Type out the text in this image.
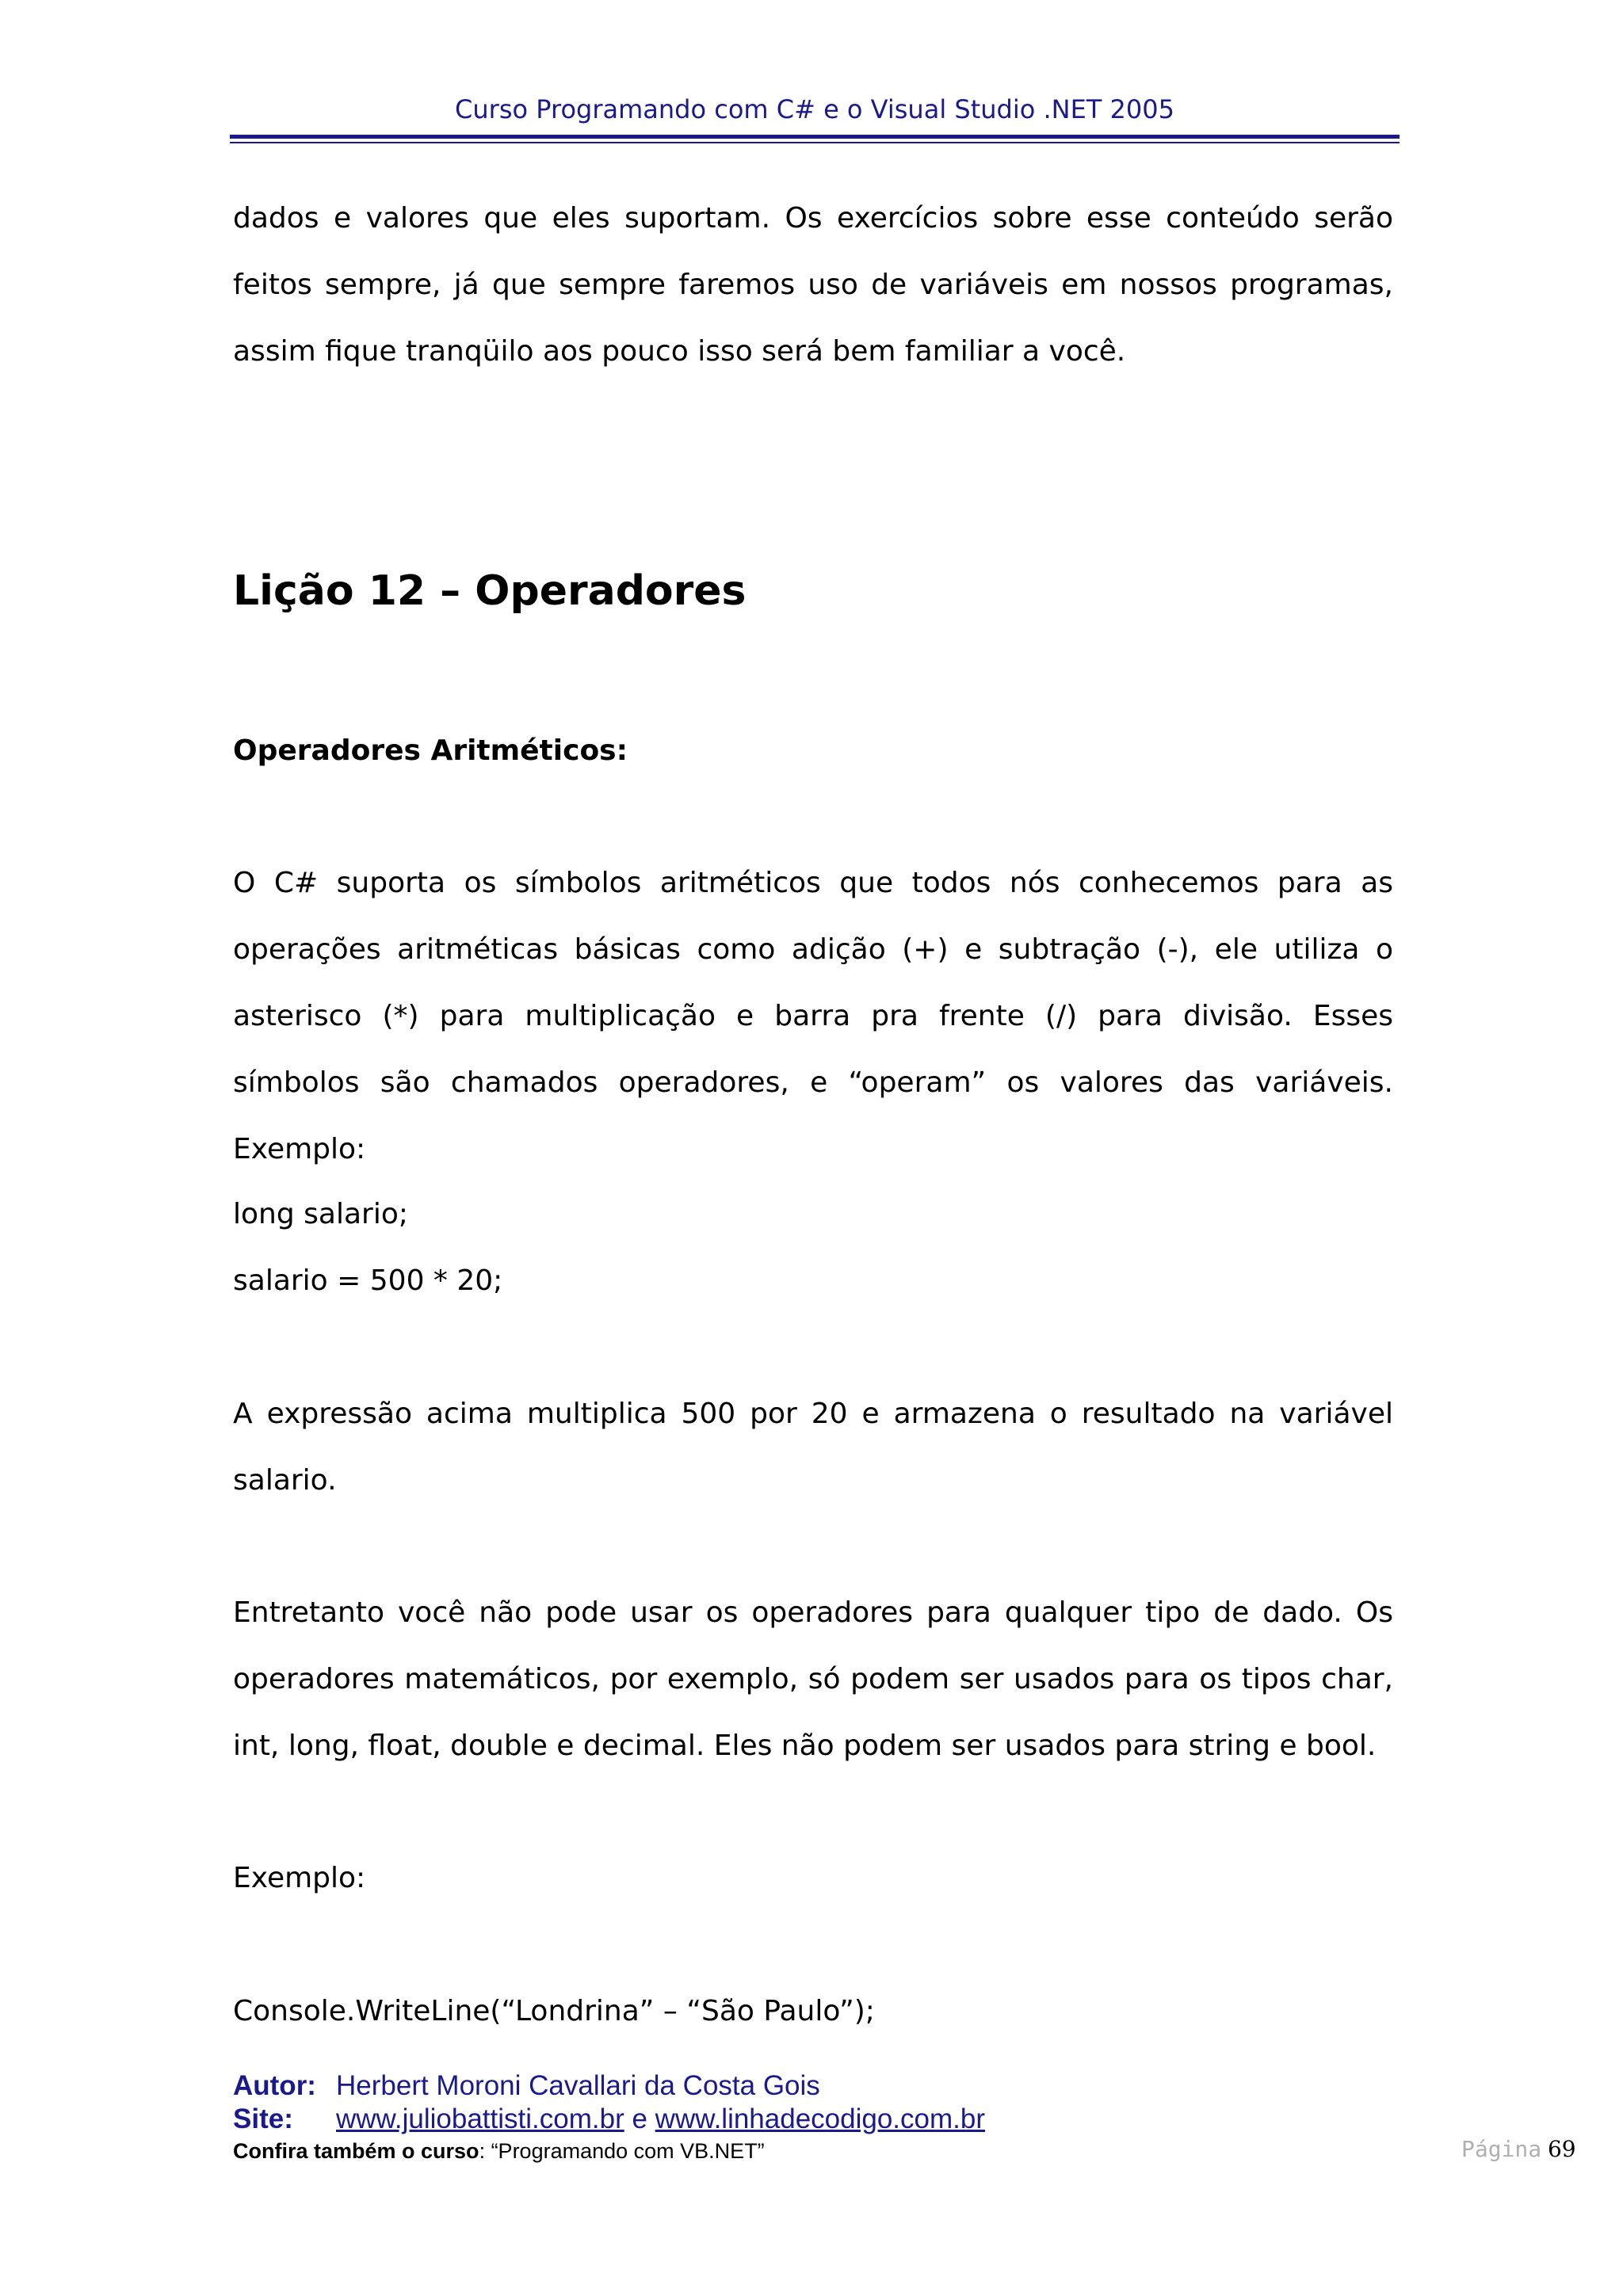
Curso Programando com C# e o Visual Studio .NET 2005

dados e valores que eles suportam. Os exercícios sobre esse conteúdo serão feitos sempre, já que sempre faremos uso de variáveis em nossos programas, assim fique tranqüilo aos pouco isso será bem familiar a você.

Lição 12 – Operadores
Operadores Aritméticos:

O C# suporta os símbolos aritméticos que todos nós conhecemos para as operações aritméticas básicas como adição (+) e subtração (-), ele utiliza o asterisco (*) para multiplicação e barra pra frente (/) para divisão. Esses símbolos são chamados operadores, e “operam” os valores das variáveis. Exemplo:

long salario;

salario = 500 * 20;

A expressão acima multiplica 500 por 20 e armazena o resultado na variável salario.

Entretanto você não pode usar os operadores para qualquer tipo de dado. Os operadores matemáticos, por exemplo, só podem ser usados para os tipos char, int, long, float, double e decimal. Eles não podem ser usados para string e bool.

Exemplo:

Console.WriteLine(“Londrina” – “São Paulo”);

Autor: Herbert Moroni Cavallari da Costa Gois
Site: www.juliobattisti.com.br e www.linhadecodigo.com.br
Confira também o curso: “Programando com VB.NET”	Página 69
